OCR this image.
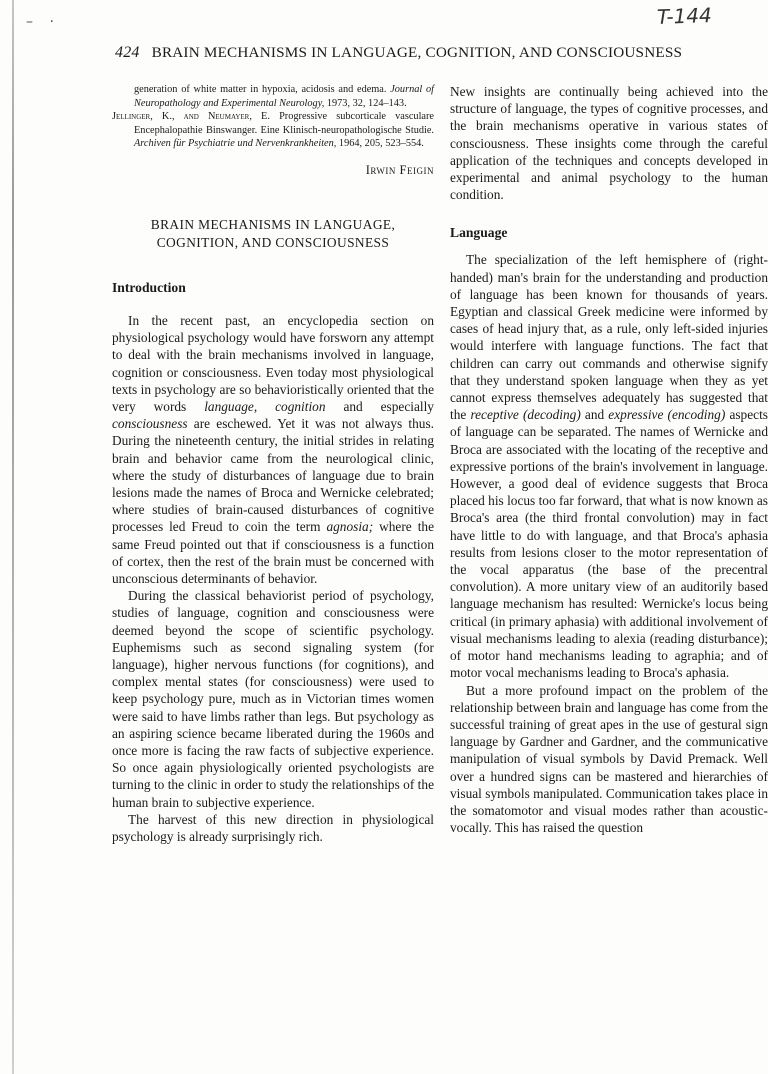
– ·	T-144
424 BRAIN MECHANISMS IN LANGUAGE, COGNITION, AND CONSCIOUSNESS

generation of white matter in hypoxia, acidosis and edema. Journal of Neuropathology and Experimental Neurology, 1973, 32, 124–143.

Jellinger, K., and Neumayer, E. Progressive subcorticale vasculare Encephalopathie Binswanger. Eine Klinisch-neuropathologische Studie. Archiven für Psychiatrie und Nervenkrankheiten, 1964, 205, 523–554.

Irwin Feigin

BRAIN MECHANISMS IN LANGUAGE,
COGNITION, AND CONSCIOUSNESS

Introduction

In the recent past, an encyclopedia section on physiological psychology would have forsworn any attempt to deal with the brain mechanisms involved in language, cognition or consciousness. Even today most physiological texts in psychology are so behavioristically oriented that the very words language, cognition and especially consciousness are eschewed. Yet it was not always thus. During the nineteenth century, the initial strides in relating brain and behavior came from the neurological clinic, where the study of disturbances of language due to brain lesions made the names of Broca and Wernicke celebrated; where studies of brain-caused disturbances of cognitive processes led Freud to coin the term agnosia; where the same Freud pointed out that if consciousness is a function of cortex, then the rest of the brain must be concerned with unconscious determinants of behavior.

During the classical behaviorist period of psychology, studies of language, cognition and consciousness were deemed beyond the scope of scientific psychology. Euphemisms such as second signaling system (for language), higher nervous functions (for cognitions), and complex mental states (for consciousness) were used to keep psychology pure, much as in Victorian times women were said to have limbs rather than legs. But psychology as an aspiring science became liberated during the 1960s and once more is facing the raw facts of subjective experience. So once again physiologically oriented psychologists are turning to the clinic in order to study the relationships of the human brain to subjective experience.

The harvest of this new direction in physiological psychology is already surprisingly rich.

New insights are continually being achieved into the structure of language, the types of cognitive processes, and the brain mechanisms operative in various states of consciousness. These insights come through the careful application of the techniques and concepts developed in experimental and animal psychology to the human condition.

Language

The specialization of the left hemisphere of (right-handed) man's brain for the understanding and production of language has been known for thousands of years. Egyptian and classical Greek medicine were informed by cases of head injury that, as a rule, only left-sided injuries would interfere with language functions. The fact that children can carry out commands and otherwise signify that they understand spoken language when they as yet cannot express themselves adequately has suggested that the receptive (decoding) and expressive (encoding) aspects of language can be separated. The names of Wernicke and Broca are associated with the locating of the receptive and expressive portions of the brain's involvement in language. However, a good deal of evidence suggests that Broca placed his locus too far forward, that what is now known as Broca's area (the third frontal convolution) may in fact have little to do with language, and that Broca's aphasia results from lesions closer to the motor representation of the vocal apparatus (the base of the precentral convolution). A more unitary view of an auditorily based language mechanism has resulted: Wernicke's locus being critical (in primary aphasia) with additional involvement of visual mechanisms leading to alexia (reading disturbance); of motor hand mechanisms leading to agraphia; and of motor vocal mechanisms leading to Broca's aphasia.

But a more profound impact on the problem of the relationship between brain and language has come from the successful training of great apes in the use of gestural sign language by Gardner and Gardner, and the communicative manipulation of visual symbols by David Premack. Well over a hundred signs can be mastered and hierarchies of visual symbols manipulated. Communication takes place in the somatomotor and visual modes rather than acoustic-vocally. This has raised the question
